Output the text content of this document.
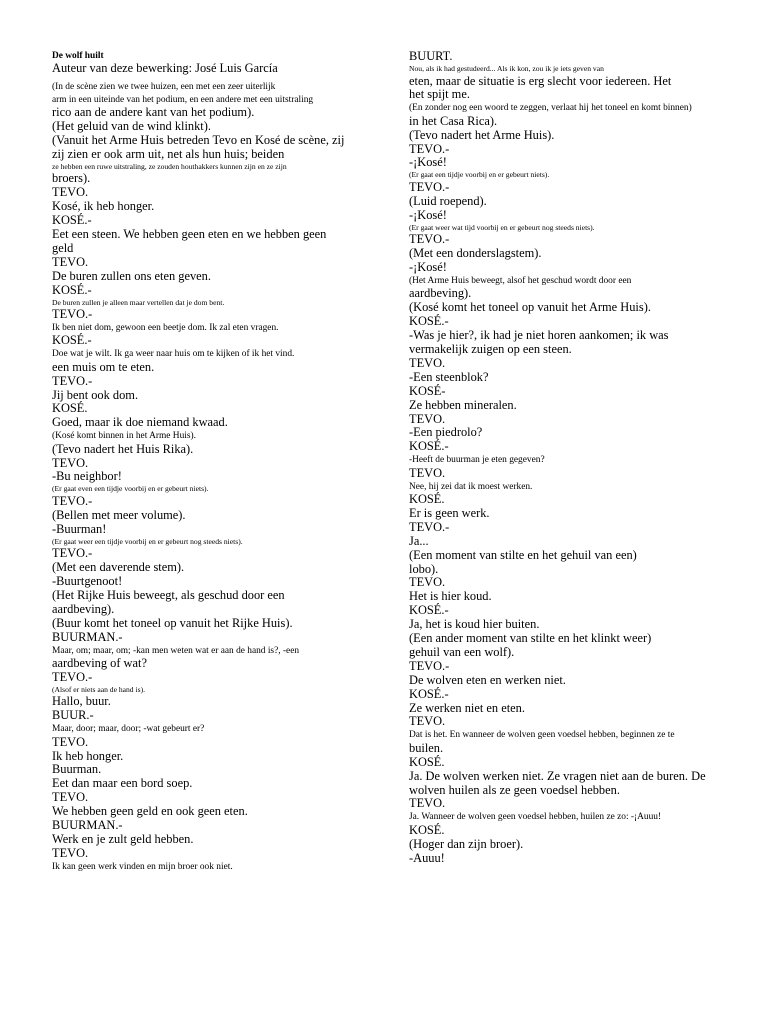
De wolf huilt
Auteur van deze bewerking: José Luis García
(In de scène zien we twee huizen, een met een zeer uiterlijk
arm in een uiteinde van het podium, en een andere met een uitstraling
rico aan de andere kant van het podium).
(Het geluid van de wind klinkt).
(Vanuit het Arme Huis betreden Tevo en Kosé de scène, zij
zij zien er ook arm uit, net als hun huis; beiden
ze hebben een ruwe uitstraling, ze zouden houthakkers kunnen zijn en ze zijn
broers).
TEVO.
Kosé, ik heb honger.
KOSÉ.-
Eet een steen. We hebben geen eten en we hebben geen
geld
TEVO.
De buren zullen ons eten geven.
KOSÉ.-
De buren zullen je alleen maar vertellen dat je dom bent.
TEVO.-
Ik ben niet dom, gewoon een beetje dom. Ik zal eten vragen.
KOSÉ.-
Doe wat je wilt. Ik ga weer naar huis om te kijken of ik het vind.
een muis om te eten.
TEVO.-
Jij bent ook dom.
KOSÉ.
Goed, maar ik doe niemand kwaad.
(Kosé komt binnen in het Arme Huis).
(Tevo nadert het Huis Rika).
TEVO.
-Bu neighbor!
(Er gaat even een tijdje voorbij en er gebeurt niets).
TEVO.-
(Bellen met meer volume).
-Buurman!
(Er gaat weer een tijdje voorbij en er gebeurt nog steeds niets).
TEVO.-
(Met een daverende stem).
-Buurtgenoot!
(Het Rijke Huis beweegt, als geschud door een
aardbeving).
(Buur komt het toneel op vanuit het Rijke Huis).
BUURMAN.-
Maar, om; maar, om; -kan men weten wat er aan de hand is?, -een
aardbeving of wat?
TEVO.-
(Alsof er niets aan de hand is).
Hallo, buur.
BUUR.-
Maar, door; maar, door; -wat gebeurt er?
TEVO.
Ik heb honger.
Buurman.
Eet dan maar een bord soep.
TEVO.
We hebben geen geld en ook geen eten.
BUURMAN.-
Werk en je zult geld hebben.
TEVO.
Ik kan geen werk vinden en mijn broer ook niet.
BUURT.
Nou, als ik had gestudeerd... Als ik kon, zou ik je iets geven van
eten, maar de situatie is erg slecht voor iedereen. Het
het spijt me.
(En zonder nog een woord te zeggen, verlaat hij het toneel en komt binnen)
in het Casa Rica).
(Tevo nadert het Arme Huis).
TEVO.-
-¡Kosé!
(Er gaat een tijdje voorbij en er gebeurt niets).
TEVO.-
(Luid roepend).
-¡Kosé!
(Er gaat weer wat tijd voorbij en er gebeurt nog steeds niets).
TEVO.-
(Met een donderslagstem).
-¡Kosé!
(Het Arme Huis beweegt, alsof het geschud wordt door een
aardbeving).
(Kosé komt het toneel op vanuit het Arme Huis).
KOSÉ.-
-Was je hier?, ik had je niet horen aankomen; ik was
vermakelijk zuigen op een steen.
TEVO.
-Een steenblok?
KOSÉ-
Ze hebben mineralen.
TEVO.
-Een piedrolo?
KOSÉ.-
-Heeft de buurman je eten gegeven?
TEVO.
Nee, hij zei dat ik moest werken.
KOSÉ.
Er is geen werk.
TEVO.-
Ja...
(Een moment van stilte en het gehuil van een)
lobo).
TEVO.
Het is hier koud.
KOSÉ.-
Ja, het is koud hier buiten.
(Een ander moment van stilte en het klinkt weer)
gehuil van een wolf).
TEVO.-
De wolven eten en werken niet.
KOSÉ.-
Ze werken niet en eten.
TEVO.
Dat is het. En wanneer de wolven geen voedsel hebben, beginnen ze te
builen.
KOSÉ.
Ja. De wolven werken niet. Ze vragen niet aan de buren. De
wolven huilen als ze geen voedsel hebben.
TEVO.
Ja. Wanneer de wolven geen voedsel hebben, huilen ze zo: -¡Auuu!
KOSÉ.
(Hoger dan zijn broer).
-Auuu!
